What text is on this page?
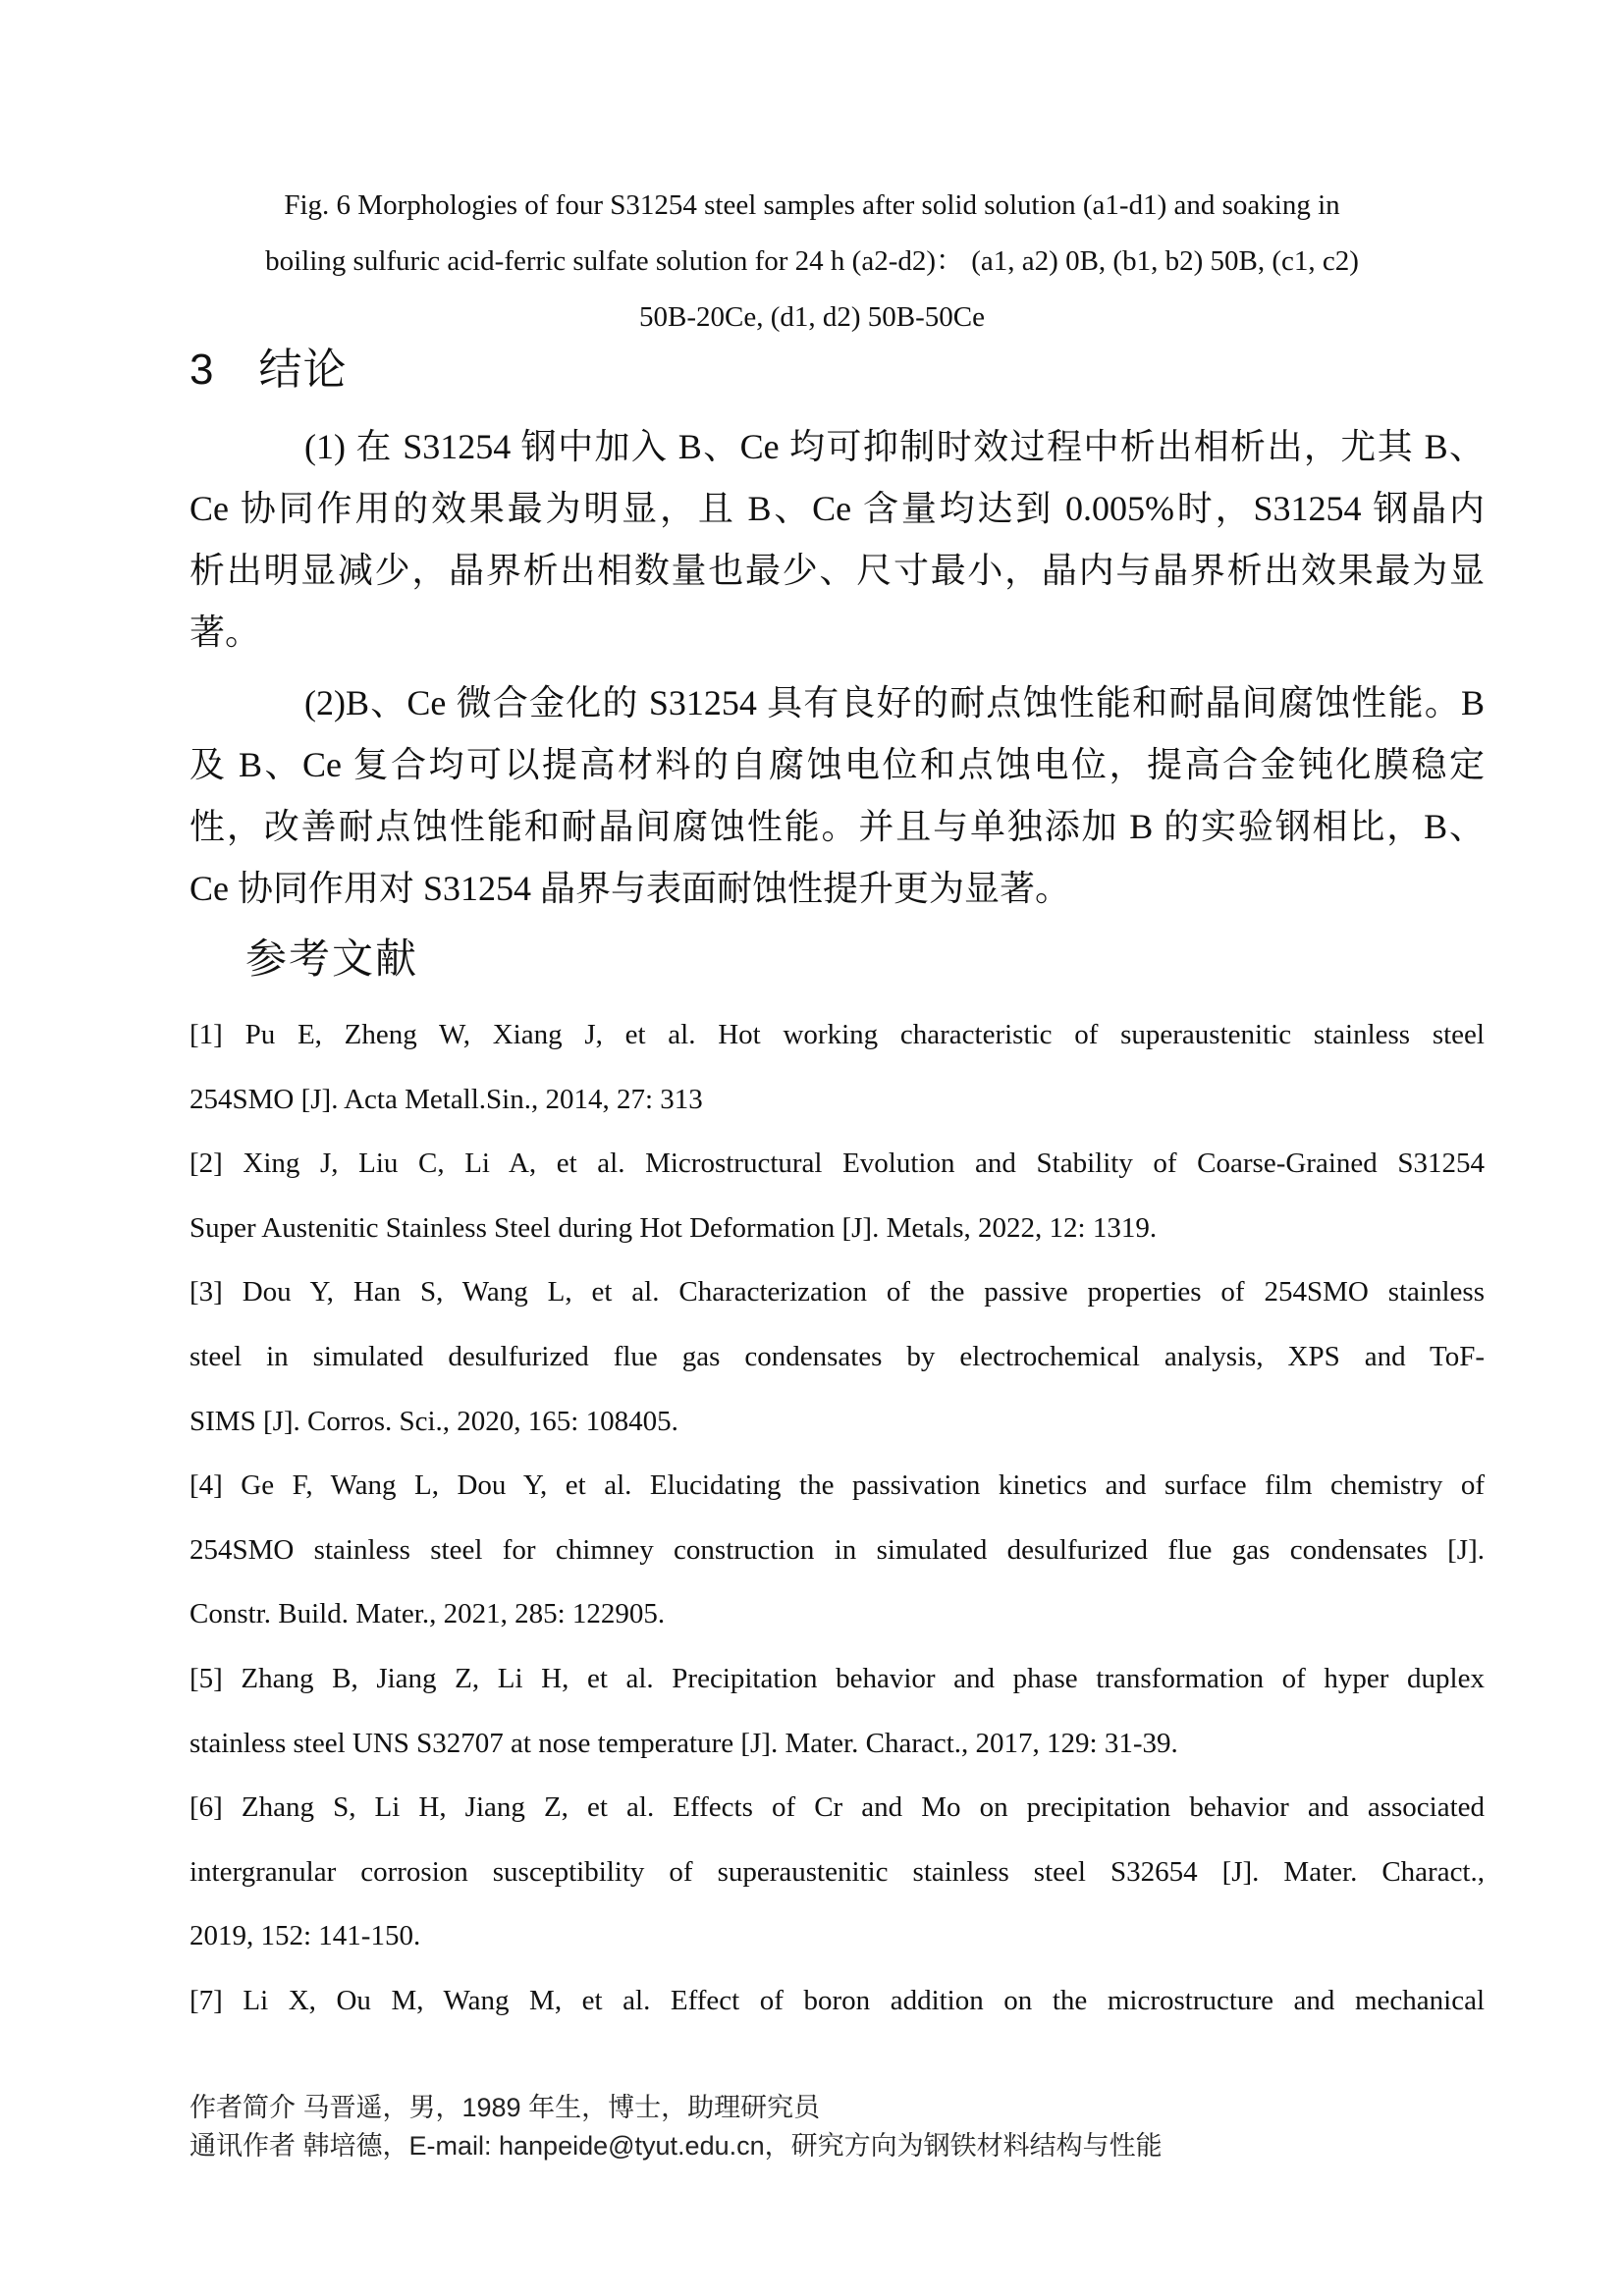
Fig. 6 Morphologies of four S31254 steel samples after solid solution (a1-d1) and soaking in
boiling sulfuric acid-ferric sulfate solution for 24 h (a2-d2)： (a1, a2) 0B, (b1, b2) 50B, (c1, c2)
50B-20Ce, (d1, d2) 50B-50Ce
3　结论
(1) 在 S31254 钢中加入 B、Ce 均可抑制时效过程中析出相析出，尤其 B、
Ce 协同作用的效果最为明显，且 B、Ce 含量均达到 0.005%时，S31254 钢晶内
析出明显减少，晶界析出相数量也最少、尺寸最小，晶内与晶界析出效果最为显
著。
(2)B、Ce 微合金化的 S31254 具有良好的耐点蚀性能和耐晶间腐蚀性能。B
及 B、Ce 复合均可以提高材料的自腐蚀电位和点蚀电位，提高合金钝化膜稳定
性，改善耐点蚀性能和耐晶间腐蚀性能。并且与单独添加 B 的实验钢相比，B、
Ce 协同作用对 S31254 晶界与表面耐蚀性提升更为显著。
参考文献
[1] Pu E, Zheng W, Xiang J, et al. Hot working characteristic of superaustenitic stainless steel
254SMO [J]. Acta Metall.Sin., 2014, 27: 313
[2] Xing J, Liu C, Li A, et al. Microstructural Evolution and Stability of Coarse-Grained S31254
Super Austenitic Stainless Steel during Hot Deformation [J]. Metals, 2022, 12: 1319.
[3] Dou Y, Han S, Wang L, et al. Characterization of the passive properties of 254SMO stainless
steel in simulated desulfurized flue gas condensates by electrochemical analysis, XPS and ToF-
SIMS [J]. Corros. Sci., 2020, 165: 108405.
[4] Ge F, Wang L, Dou Y, et al. Elucidating the passivation kinetics and surface film chemistry of
254SMO stainless steel for chimney construction in simulated desulfurized flue gas condensates [J].
Constr. Build. Mater., 2021, 285: 122905.
[5] Zhang B, Jiang Z, Li H, et al. Precipitation behavior and phase transformation of hyper duplex
stainless steel UNS S32707 at nose temperature [J]. Mater. Charact., 2017, 129: 31-39.
[6] Zhang S, Li H, Jiang Z, et al. Effects of Cr and Mo on precipitation behavior and associated
intergranular corrosion susceptibility of superaustenitic stainless steel S32654 [J]. Mater. Charact.,
2019, 152: 141-150.
[7] Li X, Ou M, Wang M, et al. Effect of boron addition on the microstructure and mechanical
作者简介 马晋遥，男，1989 年生，博士，助理研究员
通讯作者 韩培德，E-mail: hanpeide@tyut.edu.cn，研究方向为钢铁材料结构与性能
